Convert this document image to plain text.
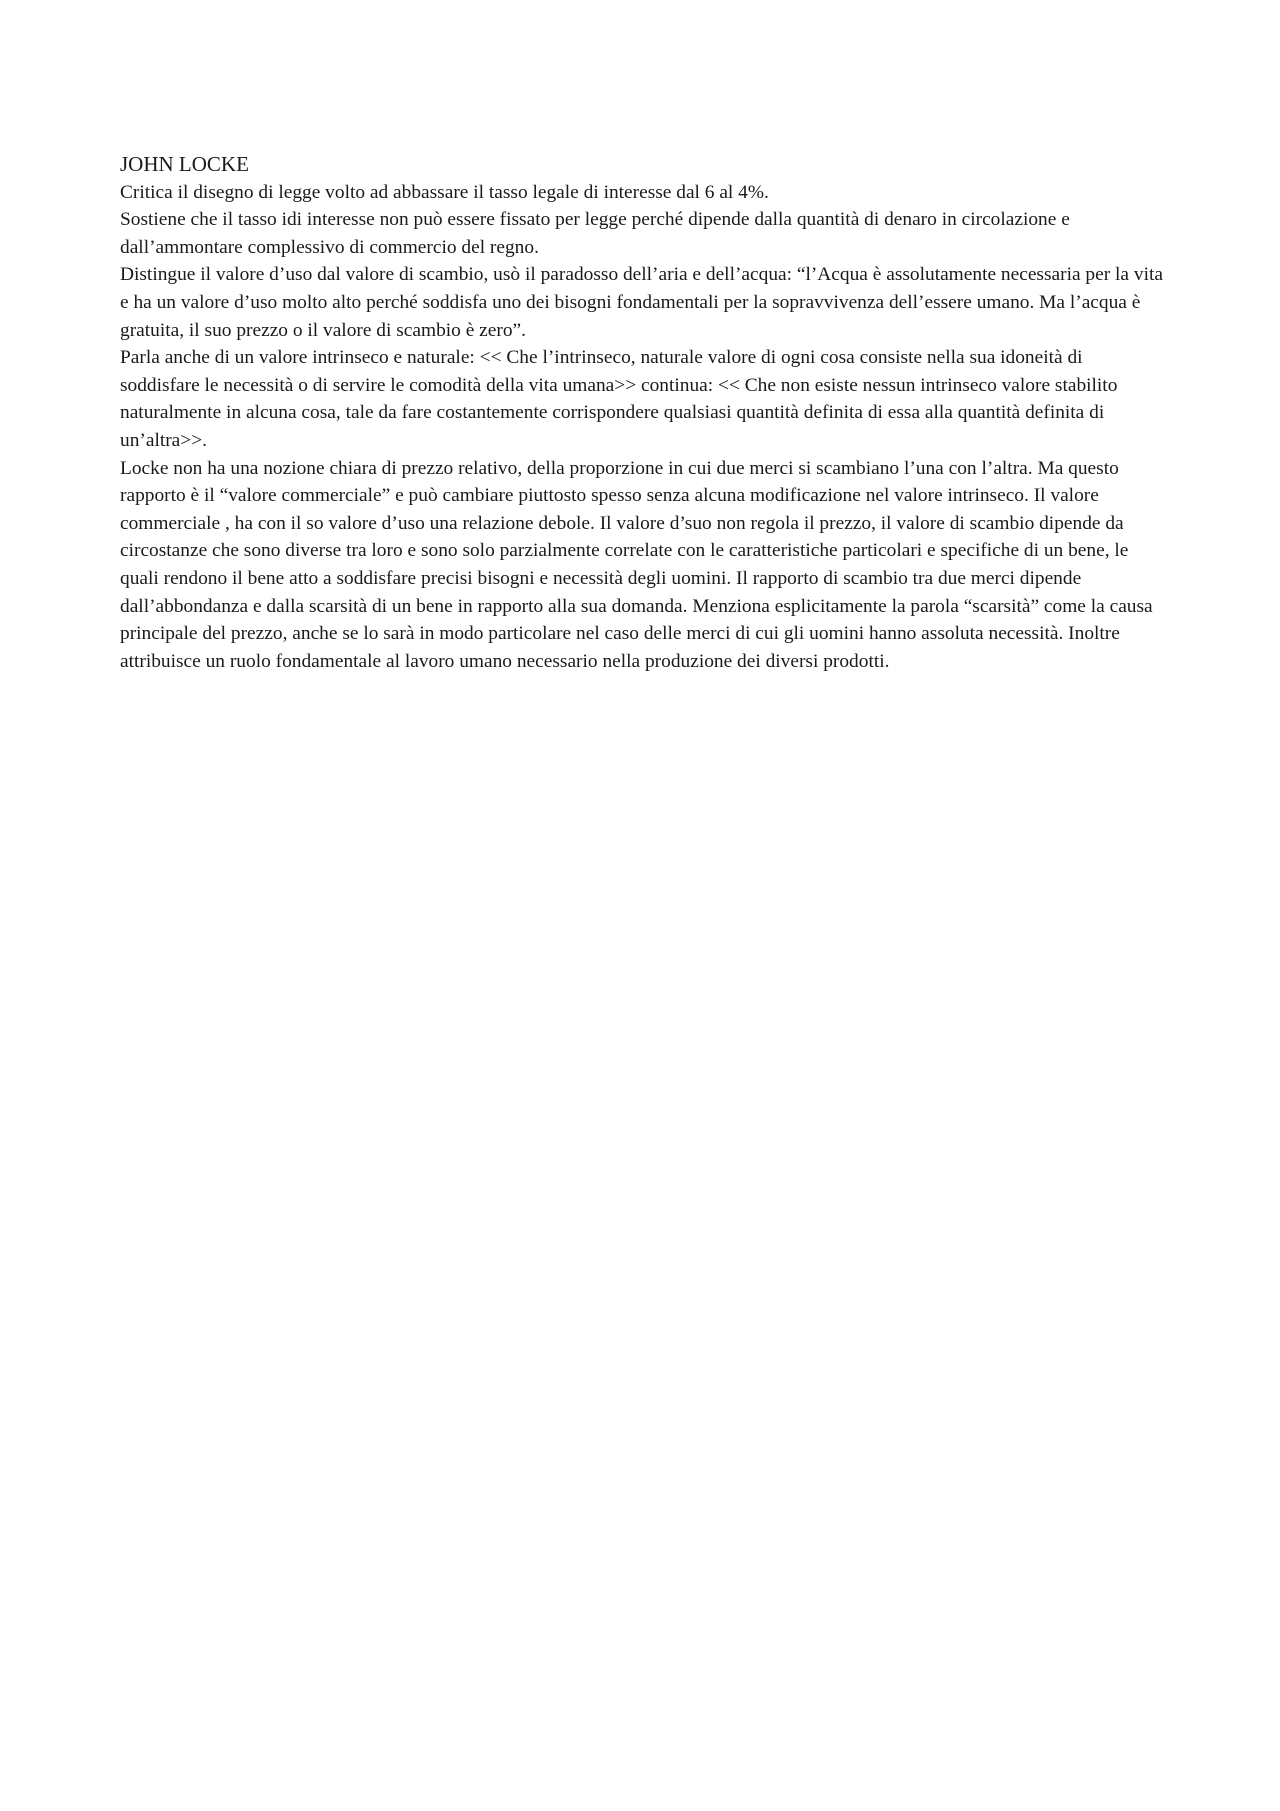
JOHN LOCKE

Critica il disegno di legge volto ad abbassare il tasso legale di interesse dal 6 al 4%.

Sostiene che il tasso idi interesse non può essere fissato per legge perché dipende dalla quantità di denaro in circolazione e dall’ammontare complessivo di commercio del regno.

Distingue il valore d’uso dal valore di scambio, usò il paradosso dell’aria e dell’acqua: “l’Acqua è assolutamente necessaria per la vita e ha un valore d’uso molto alto perché soddisfa uno dei bisogni fondamentali per la sopravvivenza dell’essere umano. Ma l’acqua è gratuita, il suo prezzo o il valore di scambio è zero”.

Parla anche di un valore intrinseco e naturale: << Che l’intrinseco, naturale valore di ogni cosa consiste nella sua idoneità di soddisfare le necessità o di servire le comodità della vita umana>> continua: << Che non esiste nessun intrinseco valore stabilito naturalmente in alcuna cosa, tale da fare costantemente corrispondere qualsiasi quantità definita di essa alla quantità definita di un’altra>>.

Locke non ha una nozione chiara di prezzo relativo, della proporzione in cui due merci si scambiano l’una con l’altra. Ma questo rapporto è il “valore commerciale” e può cambiare piuttosto spesso senza alcuna modificazione nel valore intrinseco. Il valore commerciale , ha con il so valore d’uso una relazione debole. Il valore d’suo non regola il prezzo, il valore di scambio dipende da circostanze che sono diverse tra loro e sono solo parzialmente correlate con le caratteristiche particolari e specifiche di un bene, le quali rendono il bene atto a soddisfare precisi bisogni e necessità degli uomini. Il rapporto di scambio tra due merci dipende dall’abbondanza e dalla scarsità di un bene in rapporto alla sua domanda. Menziona esplicitamente la parola “scarsità” come la causa principale del prezzo, anche se lo sarà in modo particolare nel caso delle merci di cui gli uomini hanno assoluta necessità. Inoltre attribuisce un ruolo fondamentale al lavoro umano necessario nella produzione dei diversi prodotti.
